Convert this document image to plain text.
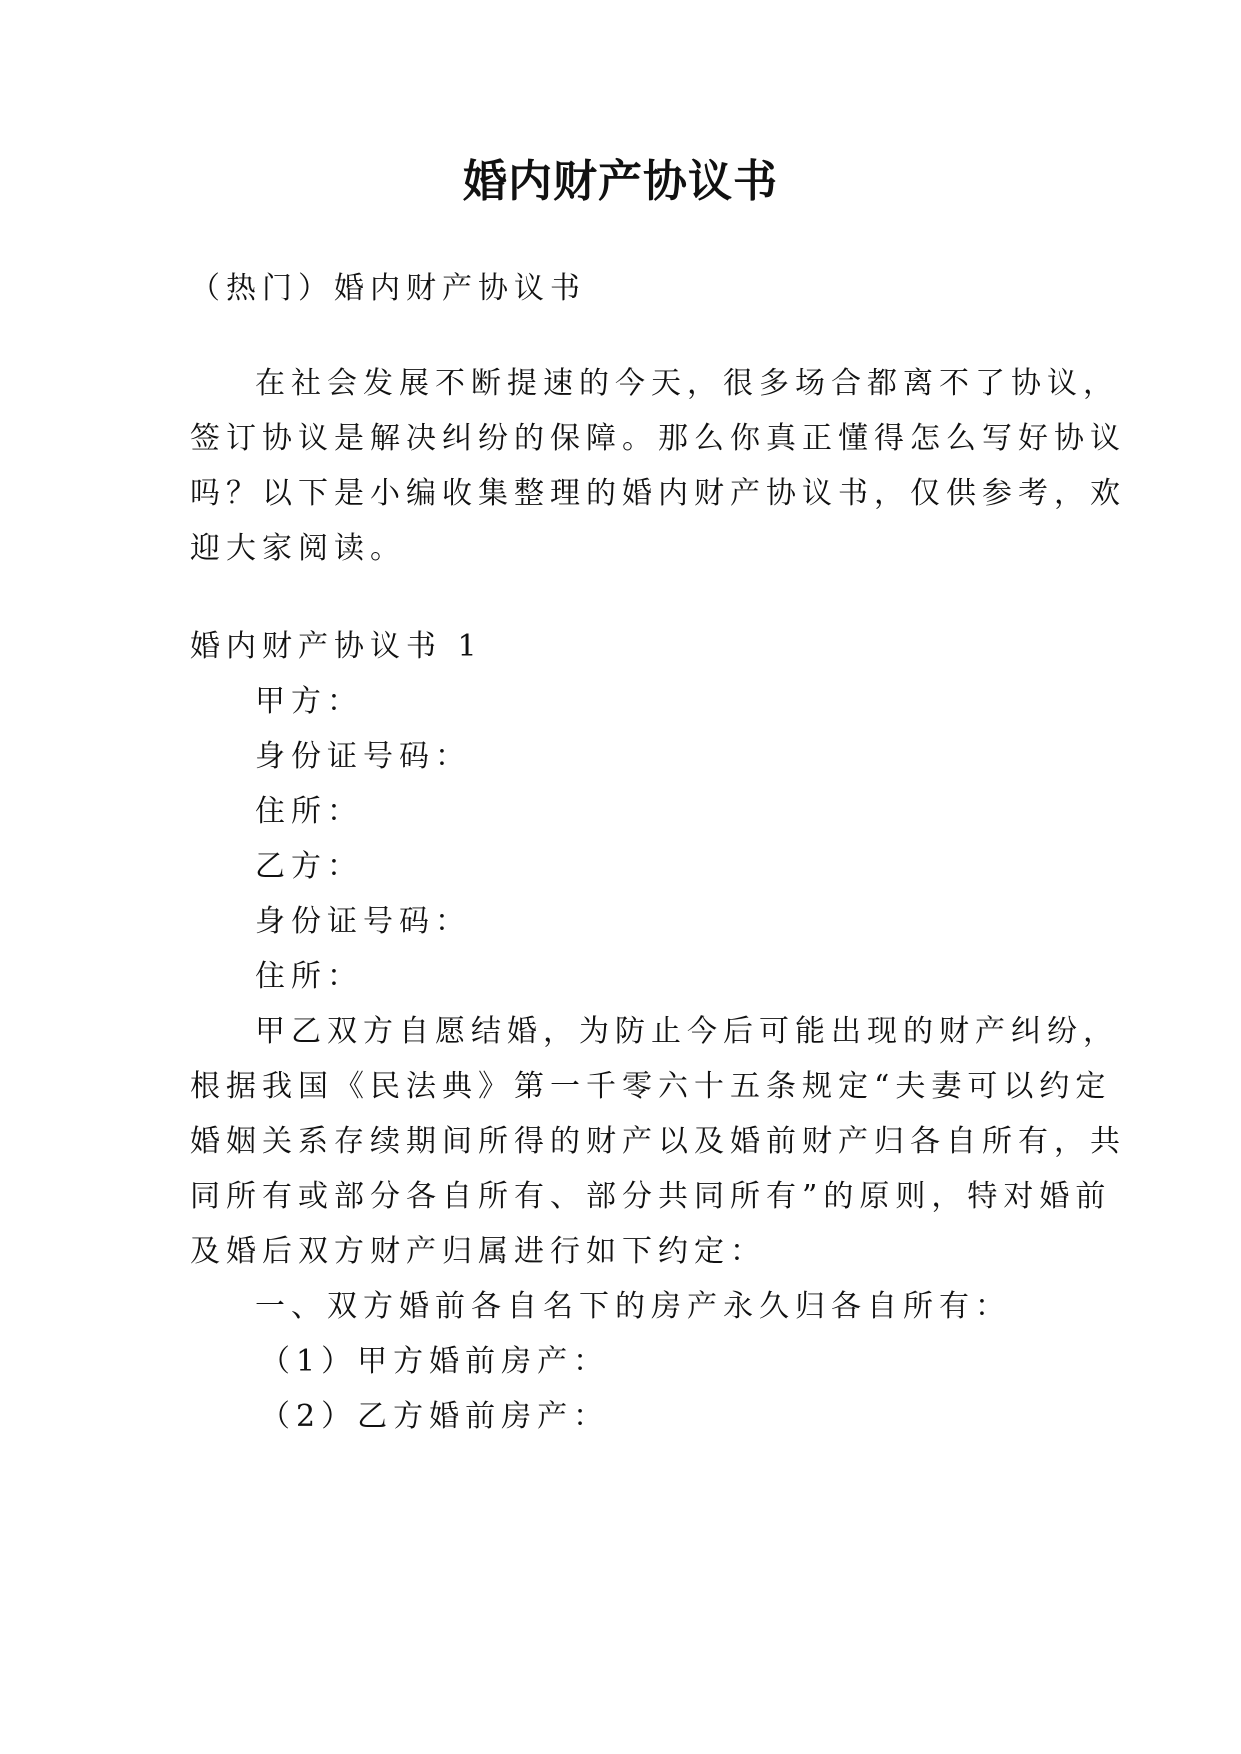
婚内财产协议书
（热门）婚内财产协议书
在社会发展不断提速的今天，很多场合都离不了协议，
签订协议是解决纠纷的保障。那么你真正懂得怎么写好协议
吗？以下是小编收集整理的婚内财产协议书，仅供参考，欢
迎大家阅读。
婚内财产协议书 1
甲方：
身份证号码：
住所：
乙方：
身份证号码：
住所：
甲乙双方自愿结婚，为防止今后可能出现的财产纠纷，
根据我国《民法典》第一千零六十五条规定“夫妻可以约定
婚姻关系存续期间所得的财产以及婚前财产归各自所有，共
同所有或部分各自所有、部分共同所有”的原则，特对婚前
及婚后双方财产归属进行如下约定：
一、双方婚前各自名下的房产永久归各自所有：
（1）甲方婚前房产：
（2）乙方婚前房产：
